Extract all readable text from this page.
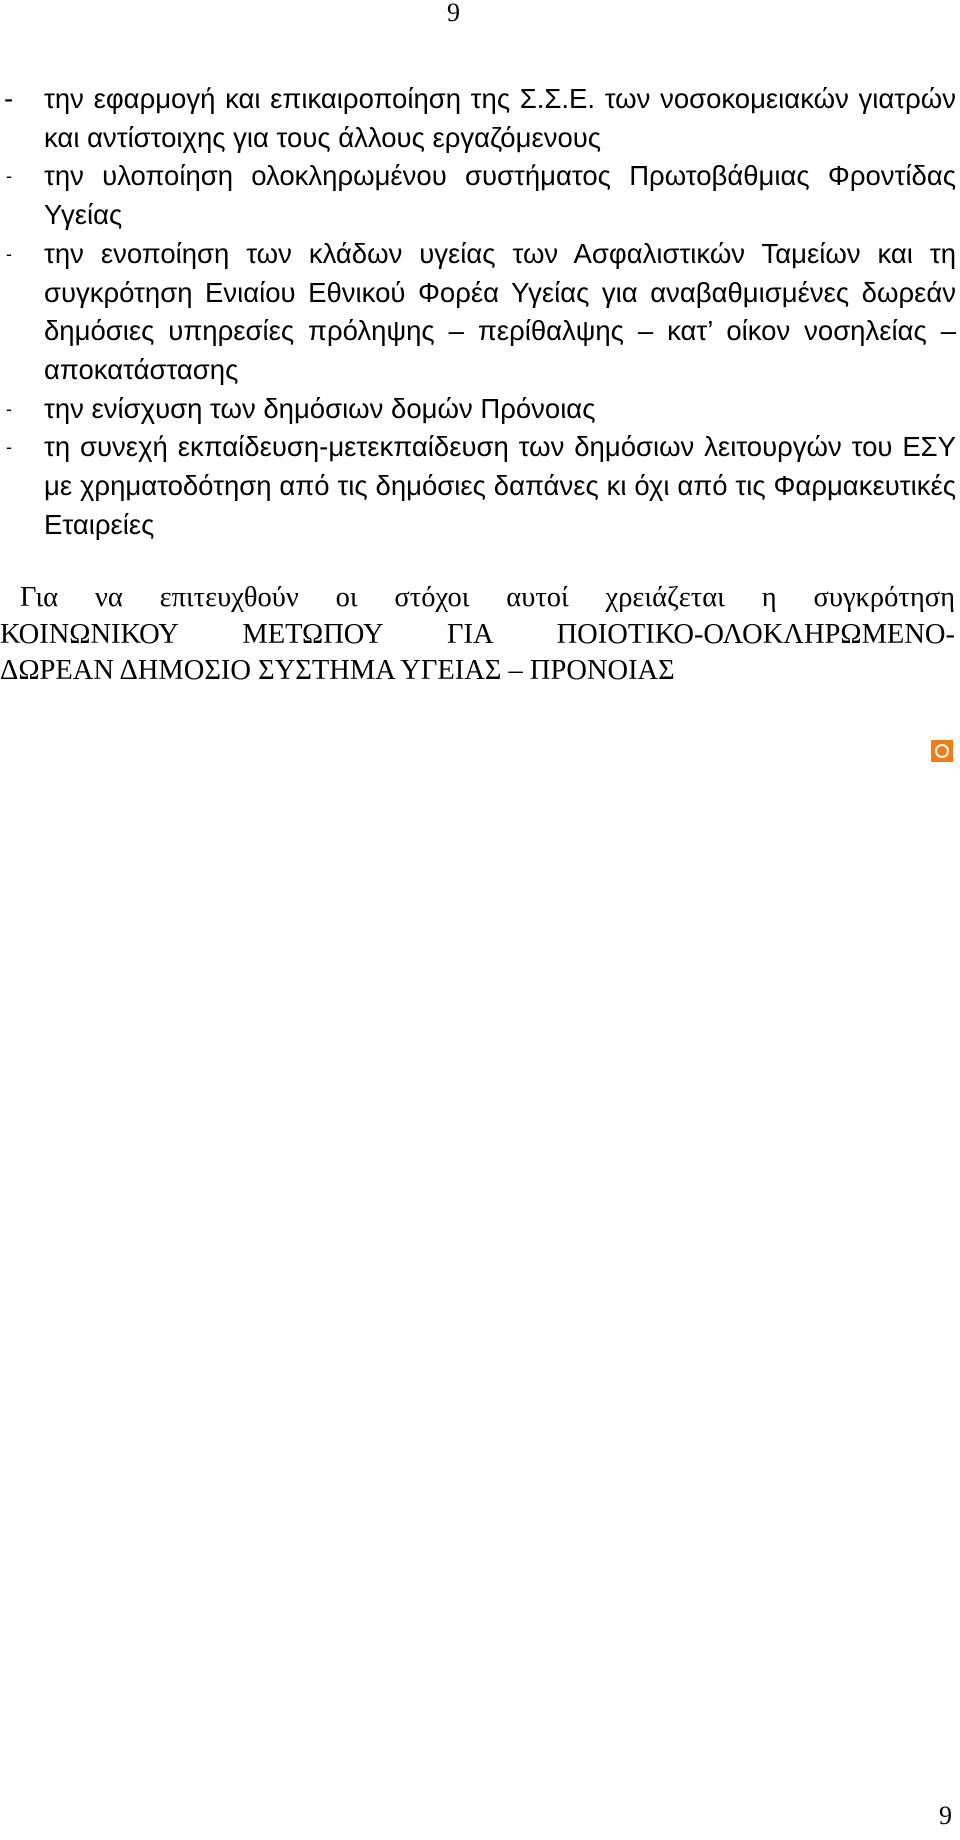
9
- την εφαρμογή και επικαιροποίηση της Σ.Σ.Ε. των νοσοκομειακών γιατρών και αντίστοιχης για τους άλλους εργαζόμενους
- την υλοποίηση ολοκληρωμένου συστήματος Πρωτοβάθμιας Φροντίδας Υγείας
- την ενοποίηση των κλάδων υγείας των Ασφαλιστικών Ταμείων και τη συγκρότηση Ενιαίου Εθνικού Φορέα Υγείας για αναβαθμισμένες δωρεάν δημόσιες υπηρεσίες πρόληψης – περίθαλψης – κατ’ οίκον νοσηλείας – αποκατάστασης
- την ενίσχυση των δημόσιων δομών Πρόνοιας
- τη συνεχή εκπαίδευση-μετεκπαίδευση των δημόσιων λειτουργών του ΕΣΥ με χρηματοδότηση από τις δημόσιες δαπάνες κι όχι από τις Φαρμακευτικές Εταιρείες
Για να επιτευχθούν οι στόχοι αυτοί χρειάζεται η συγκρότηση
ΚΟΙΝΩΝΙΚΟΥ ΜΕΤΩΠΟΥ ΓΙΑ ΠΟΙΟΤΙΚΟ-ΟΛΟΚΛΗΡΩΜΕΝΟ-
ΔΩΡΕΑΝ ΔΗΜΟΣΙΟ ΣΥΣΤΗΜΑ ΥΓΕΙΑΣ – ΠΡΟΝΟΙΑΣ
9
